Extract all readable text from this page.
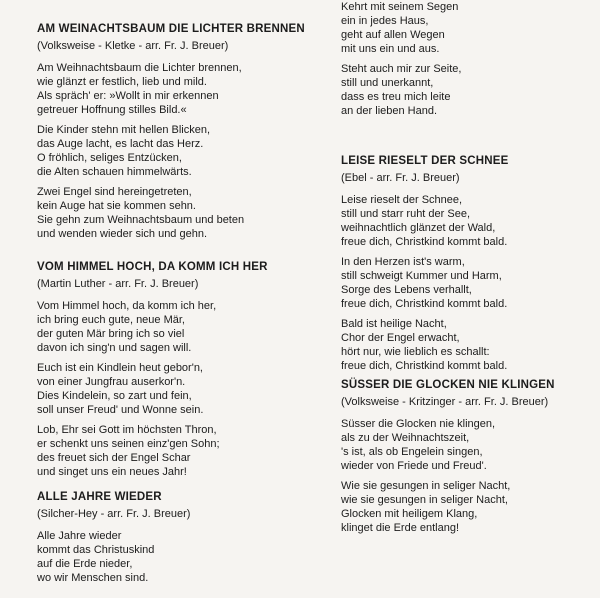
AM WEINACHTSBAUM DIE LICHTER BRENNEN
(Volksweise - Kletke - arr. Fr. J. Breuer)
Am Weihnachtsbaum die Lichter brennen,
wie glänzt er festlich, lieb und mild.
Als spräch' er: »Wollt in mir erkennen
getreuer Hoffnung stilles Bild.«
Die Kinder stehn mit hellen Blicken,
das Auge lacht, es lacht das Herz.
O fröhlich, seliges Entzücken,
die Alten schauen himmelwärts.
Zwei Engel sind hereingetreten,
kein Auge hat sie kommen sehn.
Sie gehn zum Weihnachtsbaum und beten
und wenden wieder sich und gehn.
VOM HIMMEL HOCH, DA KOMM ICH HER
(Martin Luther - arr. Fr. J. Breuer)
Vom Himmel hoch, da komm ich her,
ich bring euch gute, neue Mär,
der guten Mär bring ich so viel
davon ich sing'n und sagen will.
Euch ist ein Kindlein heut gebor'n,
von einer Jungfrau auserkor'n.
Dies Kindelein, so zart und fein,
soll unser Freud' und Wonne sein.
Lob, Ehr sei Gott im höchsten Thron,
er schenkt uns seinen einz'gen Sohn;
des freuet sich der Engel Schar
und singet uns ein neues Jahr!
ALLE JAHRE WIEDER
(Silcher-Hey - arr. Fr. J. Breuer)
Alle Jahre wieder
kommt das Christuskind
auf die Erde nieder,
wo wir Menschen sind.
Kehrt mit seinem Segen
ein in jedes Haus,
geht auf allen Wegen
mit uns ein und aus.
Steht auch mir zur Seite,
still und unerkannt,
dass es treu mich leite
an der lieben Hand.
LEISE RIESELT DER SCHNEE
(Ebel - arr. Fr. J. Breuer)
Leise rieselt der Schnee,
still und starr ruht der See,
weihnachtlich glänzet der Wald,
freue dich, Christkind kommt bald.
In den Herzen ist's warm,
still schweigt Kummer und Harm,
Sorge des Lebens verhallt,
freue dich, Christkind kommt bald.
Bald ist heilige Nacht,
Chor der Engel erwacht,
hört nur, wie lieblich es schallt:
freue dich, Christkind kommt bald.
SÜSSER DIE GLOCKEN NIE KLINGEN
(Volksweise - Kritzinger - arr. Fr. J. Breuer)
Süsser die Glocken nie klingen,
als zu der Weihnachtszeit,
's ist, als ob Engelein singen,
wieder von Friede und Freud'.
Wie sie gesungen in seliger Nacht,
wie sie gesungen in seliger Nacht,
Glocken mit heiligem Klang,
klinget die Erde entlang!
